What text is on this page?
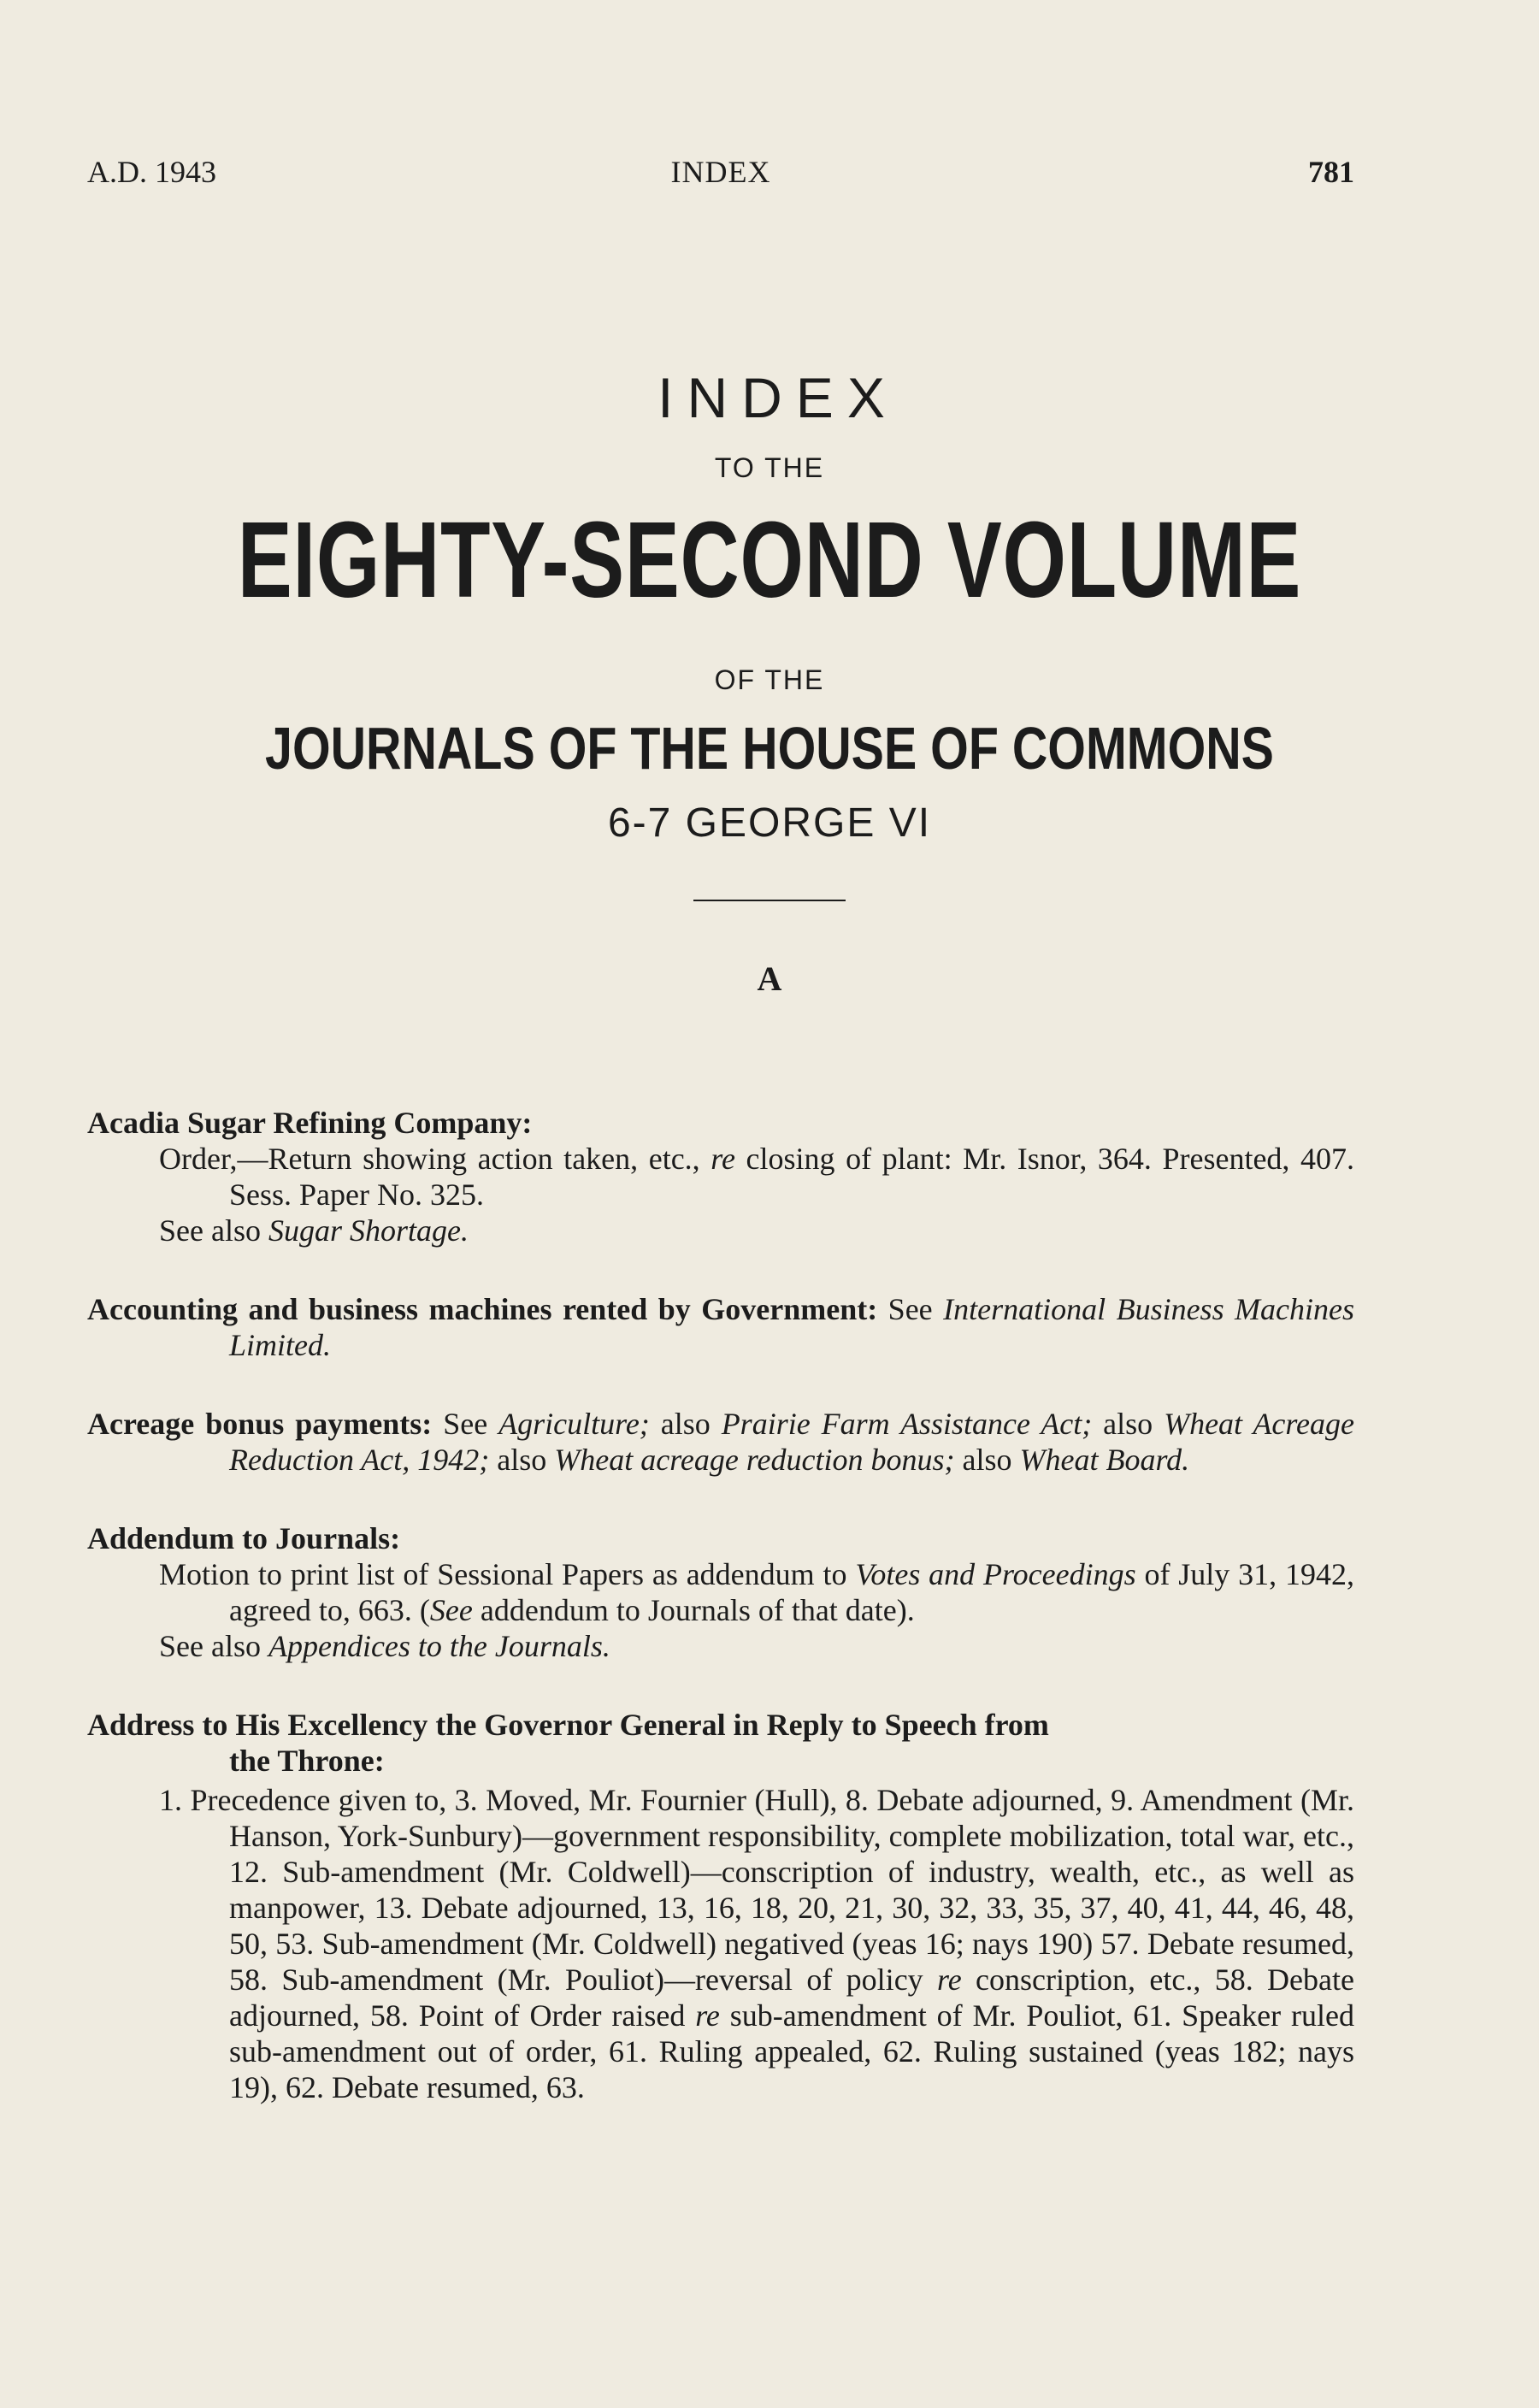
A.D. 1943	INDEX	781
INDEX
TO THE
EIGHTY-SECOND VOLUME
OF THE
JOURNALS OF THE HOUSE OF COMMONS
6-7 GEORGE VI
A
Acadia Sugar Refining Company:
Order,—Return showing action taken, etc., re closing of plant: Mr. Isnor, 364. Presented, 407. Sess. Paper No. 325.
See also Sugar Shortage.
Accounting and business machines rented by Government: See International Business Machines Limited.
Acreage bonus payments: See Agriculture; also Prairie Farm Assistance Act; also Wheat Acreage Reduction Act, 1942; also Wheat acreage reduction bonus; also Wheat Board.
Addendum to Journals:
Motion to print list of Sessional Papers as addendum to Votes and Proceedings of July 31, 1942, agreed to, 663. (See addendum to Journals of that date).
See also Appendices to the Journals.
Address to His Excellency the Governor General in Reply to Speech from
the Throne:
1. Precedence given to, 3. Moved, Mr. Fournier (Hull), 8. Debate adjourned, 9. Amendment (Mr. Hanson, York-Sunbury)—government responsibility, complete mobilization, total war, etc., 12. Sub-amendment (Mr. Coldwell)—conscription of industry, wealth, etc., as well as manpower, 13. Debate adjourned, 13, 16, 18, 20, 21, 30, 32, 33, 35, 37, 40, 41, 44, 46, 48, 50, 53. Sub-amendment (Mr. Coldwell) negatived (yeas 16; nays 190) 57. Debate resumed, 58. Sub-amendment (Mr. Pouliot)—reversal of policy re conscription, etc., 58. Debate adjourned, 58. Point of Order raised re sub-amendment of Mr. Pouliot, 61. Speaker ruled sub-amendment out of order, 61. Ruling appealed, 62. Ruling sustained (yeas 182; nays 19), 62. Debate resumed, 63.
